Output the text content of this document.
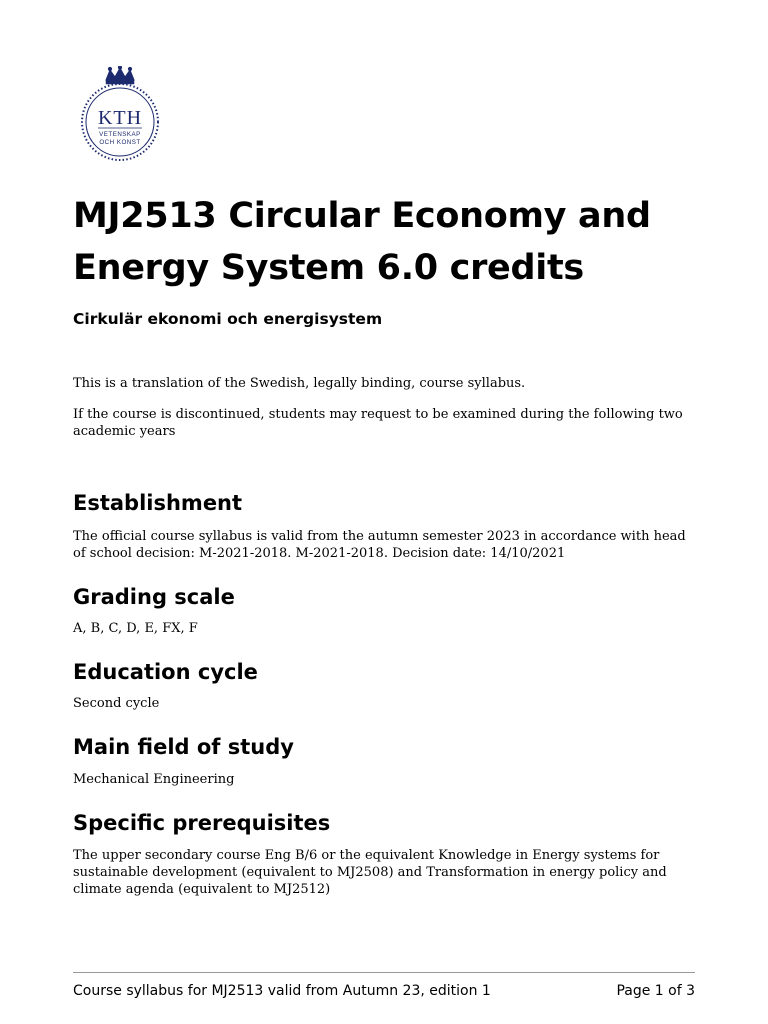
KTH
VETENSKAP
OCH KONST
MJ2513 Circular Economy and Energy System 6.0 credits
Cirkulär ekonomi och energisystem

This is a translation of the Swedish, legally binding, course syllabus.

If the course is discontinued, students may request to be examined during the following two academic years

Establishment

The official course syllabus is valid from the autumn semester 2023 in accordance with head of school decision: M-2021-2018. M-2021-2018. Decision date: 14/10/2021

Grading scale

A, B, C, D, E, FX, F

Education cycle

Second cycle

Main field of study

Mechanical Engineering

Specific prerequisites

The upper secondary course Eng B/6 or the equivalent Knowledge in Energy systems for sustainable development (equivalent to MJ2508) and Transformation in energy policy and climate agenda (equivalent to MJ2512)

Course syllabus for MJ2513 valid from Autumn 23, edition 1	Page 1 of 3
